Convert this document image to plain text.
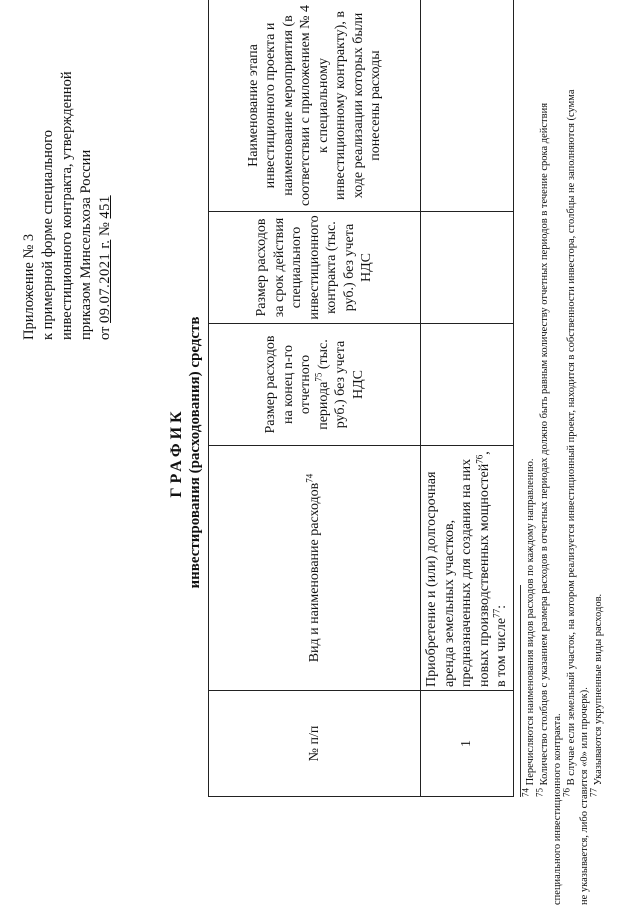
Приложение № 3 к примерной форме специального инвестиционного контракта, утвержденной приказом Минсельхоза России от 09.07.2021 г. № 451
ГРАФИК инвестирования (расходования) средств
№ п/п	Вид и наименование расходов$^{74}$	Размер расходов на конец n-го отчетного периода$^{75}$ (тыс. руб.) без учета НДС	Размер расходов за срок действия специального инвестиционного контракта (тыс. руб.) без учета НДС	Наименование этапа инвестиционного проекта и наименование мероприятия (в соответствии с приложением № 4 к специальному инвестиционному контракту), в ходе реализации которых были понесены расходы
1	Приобретение и (или) долгосрочная аренда земельных участков, предназначенных для создания на них новых производственных мощностей$^{76}$, в том числе$^{77}$:			
$^{74}$ Перечисляются наименования видов расходов по каждому направлению.
$^{75}$ Количество столбцов с указанием размера расходов в отчетных периодах должно быть равным количеству отчетных периодов в течение срока действия
специального инвестиционного контракта.
$^{76}$ В случае если земельный участок, на котором реализуется инвестиционный проект, находится в собственности инвестора, столбцы не заполняются (сумма
не указывается, либо ставится «0» или прочерк).
$^{77}$ Указываются укрупненные виды расходов.
